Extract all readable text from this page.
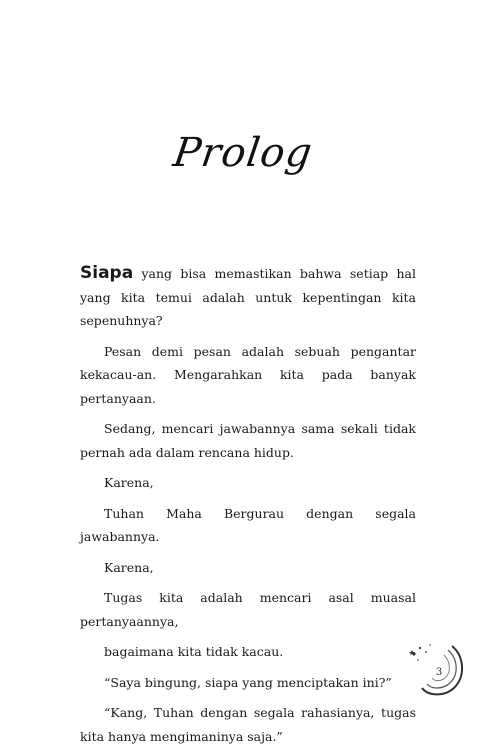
Prolog

Siapa yang bisa memastikan bahwa setiap hal yang kita temui adalah untuk kepentingan kita sepenuhnya?

Pesan demi pesan adalah sebuah pengantar kekacau-an. Mengarahkan kita pada banyak pertanyaan.

Sedang, mencari jawabannya sama sekali tidak pernah ada dalam rencana hidup.

Karena,

Tuhan Maha Bergurau dengan segala jawabannya.

Karena,

Tugas kita adalah mencari asal muasal pertanyaannya,

bagaimana kita tidak kacau.

“Saya bingung, siapa yang menciptakan ini?”

“Kang, Tuhan dengan segala rahasianya, tugas kita hanya mengimaninya saja.”

3
